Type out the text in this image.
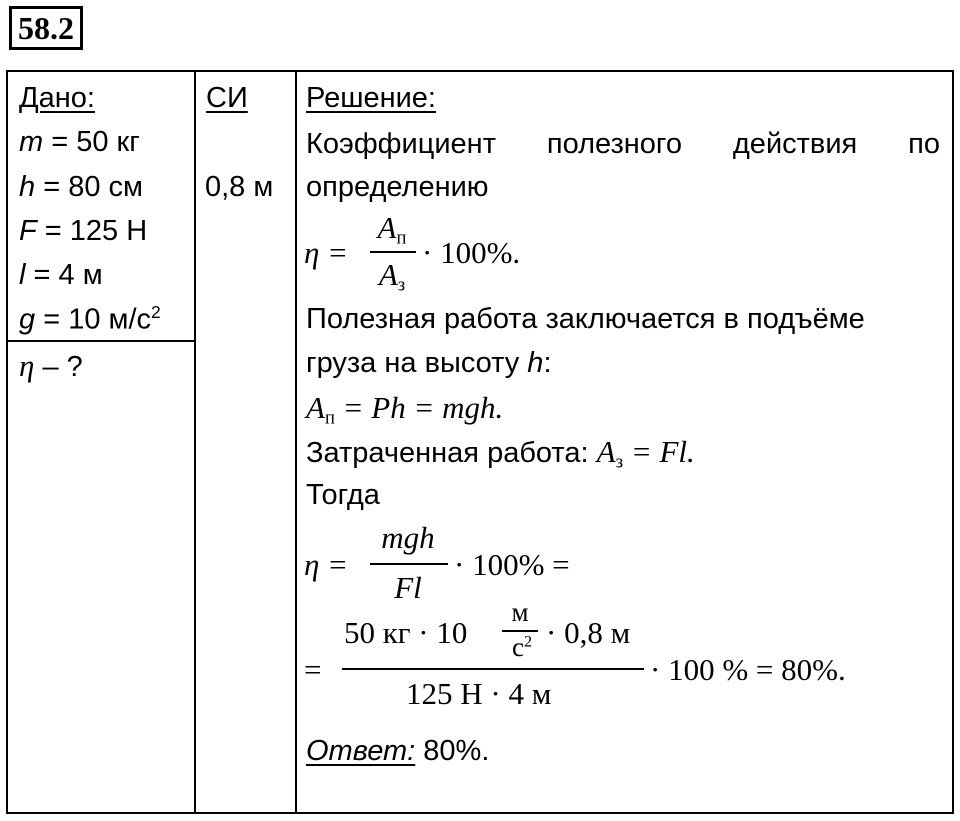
58.2
Дано:
m = 50 кг
h = 80 см
F = 125 Н
l = 4 м
g = 10 $м/с^2$
η – ?
СИ
0,8 м
Решение:
Коэффициент полезного действия по
определению
η =
$A_п$
$A_з$
· 100%.
Полезная работа заключается в подъёме
груза на высоту h:
$A_п = Ph$ = mgh.
Затраченная работа: $A_з = Fl$.
Тогда
η =
mgh
Fl
· 100% =
=
50 кг · 10
м
$с^2 \cdot 0,8$ м
125 Н · 4 м
· 100 % = 80%.
Ответ: 80%.
